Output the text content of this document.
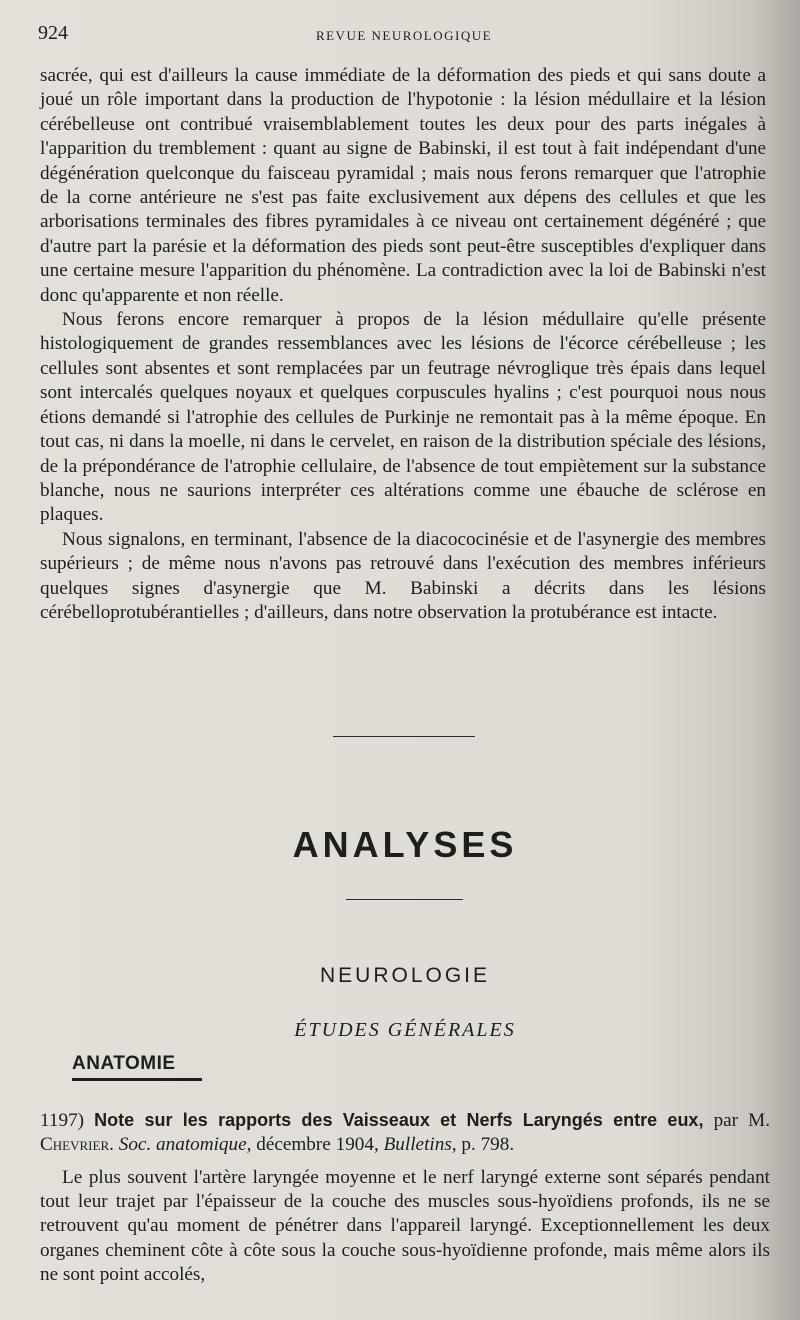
924	REVUE NEUROLOGIQUE

sacrée, qui est d'ailleurs la cause immédiate de la déformation des pieds et qui sans doute a joué un rôle important dans la production de l'hypotonie : la lésion médullaire et la lésion cérébelleuse ont contribué vraisemblablement toutes les deux pour des parts inégales à l'apparition du tremblement : quant au signe de Babinski, il est tout à fait indépendant d'une dégénération quelconque du faisceau pyramidal ; mais nous ferons remarquer que l'atrophie de la corne antérieure ne s'est pas faite exclusivement aux dépens des cellules et que les arborisations terminales des fibres pyramidales à ce niveau ont certainement dégénéré ; que d'autre part la parésie et la déformation des pieds sont peut-être susceptibles d'expliquer dans une certaine mesure l'apparition du phénomène. La contradiction avec la loi de Babinski n'est donc qu'apparente et non réelle.

Nous ferons encore remarquer à propos de la lésion médullaire qu'elle présente histologiquement de grandes ressemblances avec les lésions de l'écorce cérébelleuse ; les cellules sont absentes et sont remplacées par un feutrage névroglique très épais dans lequel sont intercalés quelques noyaux et quelques corpuscules hyalins ; c'est pourquoi nous nous étions demandé si l'atrophie des cellules de Purkinje ne remontait pas à la même époque. En tout cas, ni dans la moelle, ni dans le cervelet, en raison de la distribution spéciale des lésions, de la prépondérance de l'atrophie cellulaire, de l'absence de tout empiètement sur la substance blanche, nous ne saurions interpréter ces altérations comme une ébauche de sclérose en plaques.

Nous signalons, en terminant, l'absence de la diacococinésie et de l'asynergie des membres supérieurs ; de même nous n'avons pas retrouvé dans l'exécution des membres inférieurs quelques signes d'asynergie que M. Babinski a décrits dans les lésions cérébelloprotubérantielles ; d'ailleurs, dans notre observation la protubérance est intacte.

ANALYSES
NEUROLOGIE
ÉTUDES GÉNÉRALES
ANATOMIE
1197) Note sur les rapports des Vaisseaux et Nerfs Laryngés entre eux, par M. Chevrier. Soc. anatomique, décembre 1904, Bulletins, p. 798.
Le plus souvent l'artère laryngée moyenne et le nerf laryngé externe sont séparés pendant tout leur trajet par l'épaisseur de la couche des muscles sous-hyoïdiens profonds, ils ne se retrouvent qu'au moment de pénétrer dans l'appareil laryngé. Exceptionnellement les deux organes cheminent côte à côte sous la couche sous-hyoïdienne profonde, mais même alors ils ne sont point accolés,
